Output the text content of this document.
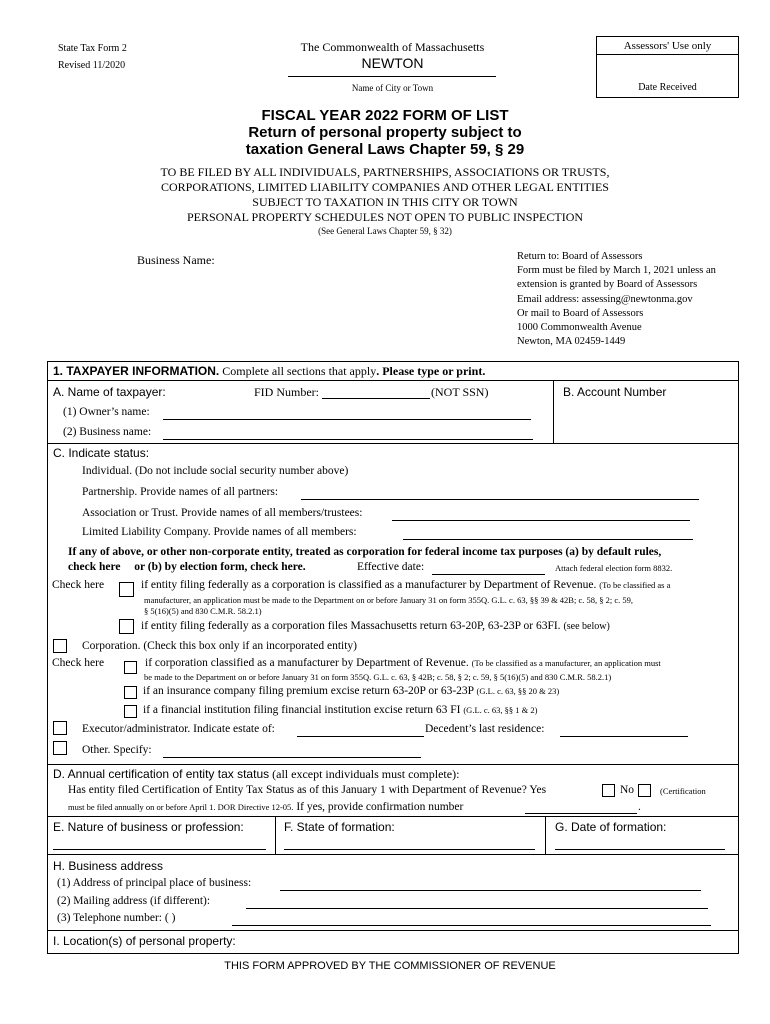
State Tax Form 2
Revised 11/2020
The Commonwealth of Massachusetts
NEWTON
Name of City or Town
Assessors' Use only
Date Received
FISCAL YEAR 2022 FORM OF LIST
Return of personal property subject to
taxation General Laws Chapter 59, § 29
TO BE FILED BY ALL INDIVIDUALS, PARTNERSHIPS, ASSOCIATIONS OR TRUSTS,
CORPORATIONS, LIMITED LIABILITY COMPANIES AND OTHER LEGAL ENTITIES
SUBJECT TO TAXATION IN THIS CITY OR TOWN
PERSONAL PROPERTY SCHEDULES NOT OPEN TO PUBLIC INSPECTION
(See General Laws Chapter 59, § 32)
Business Name:	Return to: Board of Assessors
Form must be filed by March 1, 2021 unless an
extension is granted by Board of Assessors
Email address: assessing@newtonma.gov
Or mail to Board of Assessors
1000 Commonwealth Avenue
Newton, MA 02459-1449
1. TAXPAYER INFORMATION. Complete all sections that apply. Please type or print.
A. Name of taxpayer:	FID Number:	(NOT SSN)
(1) Owner’s name:
(2) Business name:
B. Account Number
C. Indicate status:
Individual. (Do not include social security number above)
Partnership. Provide names of all partners:
Association or Trust. Provide names of all members/trustees:
Limited Liability Company. Provide names of all members:
If any of above, or other non-corporate entity, treated as corporation for federal income tax purposes (a) by default rules,
check here or (b) by election form, check here.	Effective date:	Attach federal election form 8832.
Check here	if entity filing federally as a corporation is classified as a manufacturer by Department of Revenue. (To be classified as a
manufacturer, an application must be made to the Department on or before January 31 on form 355Q. G.L. c. 63, §§ 39 & 42B; c. 58, § 2; c. 59,
§ 5(16)(5) and 830 C.M.R. 58.2.1)
if entity filing federally as a corporation files Massachusetts return 63-20P, 63-23P or 63FI. (see below)
Corporation. (Check this box only if an incorporated entity)
Check here	if corporation classified as a manufacturer by Department of Revenue. (To be classified as a manufacturer, an application must
be made to the Department on or before January 31 on form 355Q. G.L. c. 63, § 42B; c. 58, § 2; c. 59, § 5(16)(5) and 830 C.M.R. 58.2.1)
if an insurance company filing premium excise return 63-20P or 63-23P (G.L. c. 63, §§ 20 & 23)
if a financial institution filing financial institution excise return 63 FI (G.L. c. 63, §§ 1 & 2)
Executor/administrator. Indicate estate of:	Decedent’s last residence:
Other. Specify:
D. Annual certification of entity tax status (all except individuals must complete):
Has entity filed Certification of Entity Tax Status as of this January 1 with Department of Revenue? Yes	No	(Certification
must be filed annually on or before April 1. DOR Directive 12-05. If yes, provide confirmation number	.
E. Nature of business or profession:	F. State of formation:	G. Date of formation:
H. Business address
(1) Address of principal place of business:
(2) Mailing address (if different):
(3) Telephone number: ( )
I. Location(s) of personal property:
THIS FORM APPROVED BY THE COMMISSIONER OF REVENUE
